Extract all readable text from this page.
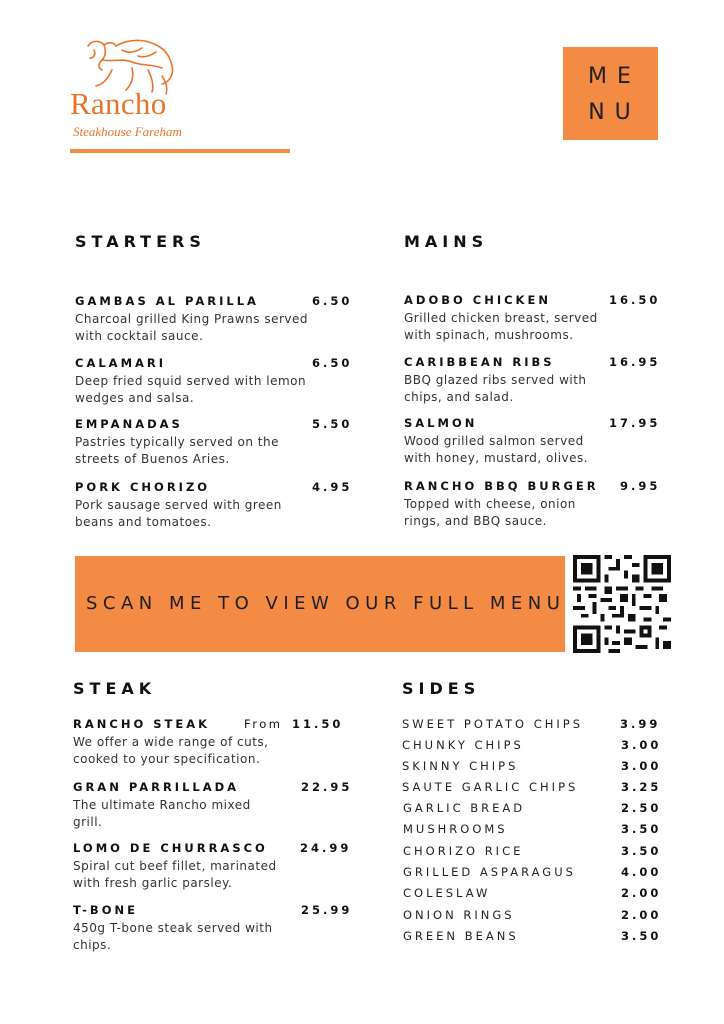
Rancho
Steakhouse Fareham
ME
NU
STARTERS
GAMBAS AL PARILLA	6.50
Charcoal grilled King Prawns served with cocktail sauce.
CALAMARI	6.50
Deep fried squid served with lemon wedges and salsa.
EMPANADAS	5.50
Pastries typically served on the streets of Buenos Aries.
PORK CHORIZO	4.95
Pork sausage served with green beans and tomatoes.
MAINS
ADOBO CHICKEN	16.50
Grilled chicken breast, served with spinach, mushrooms.
CARIBBEAN RIBS	16.95
BBQ glazed ribs served with chips, and salad.
SALMON	17.95
Wood grilled salmon served with honey, mustard, olives.
RANCHO BBQ BURGER 9.95
Topped with cheese, onion rings, and BBQ sauce.
SCAN ME TO VIEW OUR FULL MENU
STEAK
RANCHO STEAK	From 11.50
We offer a wide range of cuts, cooked to your specification.
GRAN PARRILLADA	22.95
The ultimate Rancho mixed grill.
LOMO DE CHURRASCO	24.99
Spiral cut beef fillet, marinated with fresh garlic parsley.
T-BONE	25.99
450g T-bone steak served with chips.
SIDES
SWEET POTATO CHIPS	3.99
CHUNKY CHIPS	3.00
SKINNY CHIPS	3.00
SAUTE GARLIC CHIPS	3.25
GARLIC BREAD	2.50
MUSHROOMS	3.50
CHORIZO RICE	3.50
GRILLED ASPARAGUS	4.00
COLESLAW	2.00
ONION RINGS	2.00
GREEN BEANS	3.50
